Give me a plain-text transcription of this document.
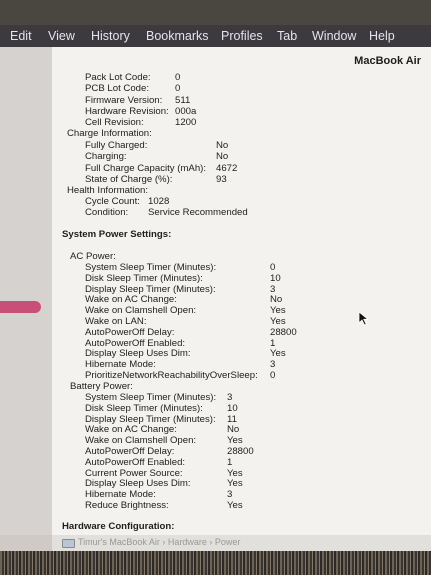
Edit View History Bookmarks Profiles Tab Window Help
MacBook Air
Pack Lot Code:	0
PCB Lot Code:	0
Firmware Version: 511
Hardware Revision: 000a
Cell Revision:	1200
Charge Information:
Fully Charged:	No
Charging:	No
Full Charge Capacity (mAh): 4672
State of Charge (%):	93
Health Information:
Cycle Count: 1028
Condition: Service Recommended
System Power Settings:
AC Power:
System Sleep Timer (Minutes):	0
Disk Sleep Timer (Minutes):	10
Display Sleep Timer (Minutes):	3
Wake on AC Change:	No
Wake on Clamshell Open:	Yes
Wake on LAN:	Yes
AutoPowerOff Delay:	28800
AutoPowerOff Enabled:	1
Display Sleep Uses Dim:	Yes
Hibernate Mode:	3
PrioritizeNetworkReachabilityOverSleep: 0
Battery Power:
System Sleep Timer (Minutes): 3
Disk Sleep Timer (Minutes):	10
Display Sleep Timer (Minutes): 11
Wake on AC Change:	No
Wake on Clamshell Open:	Yes
AutoPowerOff Delay:	28800
AutoPowerOff Enabled:	1
Current Power Source:	Yes
Display Sleep Uses Dim:	Yes
Hibernate Mode:	3
Reduce Brightness:	Yes
Hardware Configuration:
Timur's MacBook Air › Hardware › Power
